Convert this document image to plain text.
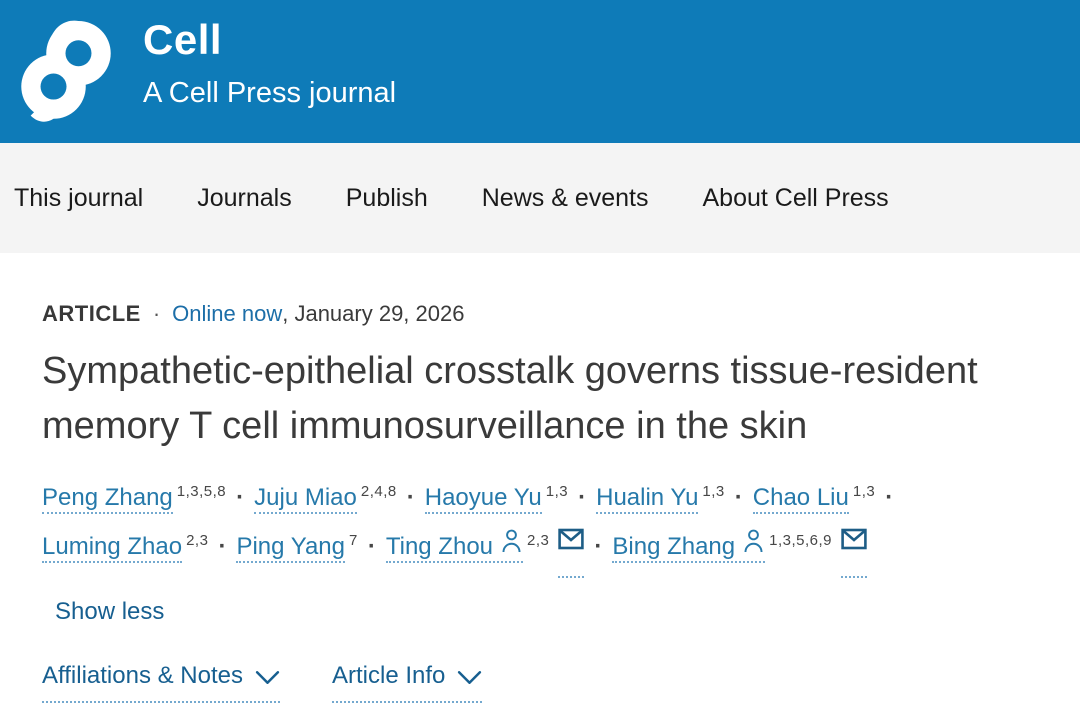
Cell
A Cell Press journal
This journal Journals Publish News & events About Cell Press
ARTICLE · Online now , January 29, 2026
Sympathetic-epithelial crosstalk governs tissue-resident memory T cell immunosurveillance in the skin
Peng Zhang $^{1,3,5,8}$ · Juju Miao $^{2,4,8}$ · Haoyue Yu $^{1,3}$ · Hualin Yu $^{1,3}$ · Chao Liu $^{1,3}$ ·
Luming Zhao $^{2,3}$ · Ping Yang $^7$ · Ting Zhou $^{2,3}$ · Bing Zhang $^{1,3,5,6,9}$
Show less
Affiliations & Notes	Article Info
